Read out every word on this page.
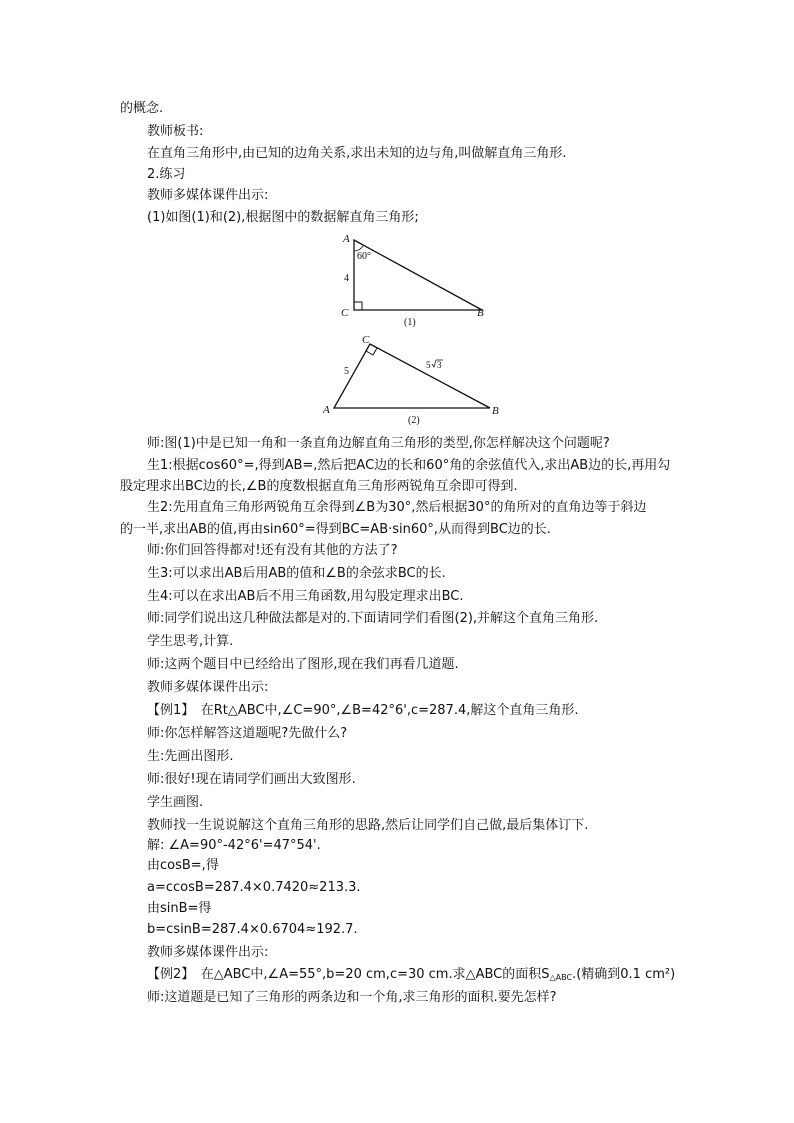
的概念.
教师板书:
在直角三角形中,由已知的边角关系,求出未知的边与角,叫做解直角三角形.
2.练习
教师多媒体课件出示:
(1)如图(1)和(2),根据图中的数据解直角三角形;
A
C	B
60°
4
(1)
C
A	B
5
5 3
(2)
师:图(1)中是已知一角和一条直角边解直角三角形的类型,你怎样解决这个问题呢?
生1:根据cos60°=,得到AB=,然后把AC边的长和60°角的余弦值代入,求出AB边的长,再用勾
股定理求出BC边的长,∠B的度数根据直角三角形两锐角互余即可得到.
生2:先用直角三角形两锐角互余得到∠B为30°,然后根据30°的角所对的直角边等于斜边
的一半,求出AB的值,再由sin60°=得到BC=AB·sin60°,从而得到BC边的长.
师:你们回答得都对!还有没有其他的方法了?
生3:可以求出AB后用AB的值和∠B的余弦求BC的长.
生4:可以在求出AB后不用三角函数,用勾股定理求出BC.
师:同学们说出这几种做法都是对的.下面请同学们看图(2),并解这个直角三角形.
学生思考,计算.
师:这两个题目中已经给出了图形,现在我们再看几道题.
教师多媒体课件出示:
【例1】　在Rt△ABC中,∠C=90°,∠B=42°6',c=287.4,解这个直角三角形.
师:你怎样解答这道题呢?先做什么?
生:先画出图形.
师:很好!现在请同学们画出大致图形.
学生画图.
教师找一生说说解这个直角三角形的思路,然后让同学们自己做,最后集体订下.
解: ∠A=90°-42°6'=47°54'.
由cosB=,得
a=ccosB=287.4×0.7420≈213.3.
由sinB=得
b=csinB=287.4×0.6704≈192.7.
教师多媒体课件出示:
【例2】　在△ABC中,∠A=55°,b=20 cm,c=30 cm.求△ABC的面积$S_{\triangle ABC}$.(精确到0.1 cm²)
师:这道题是已知了三角形的两条边和一个角,求三角形的面积.要先怎样?
